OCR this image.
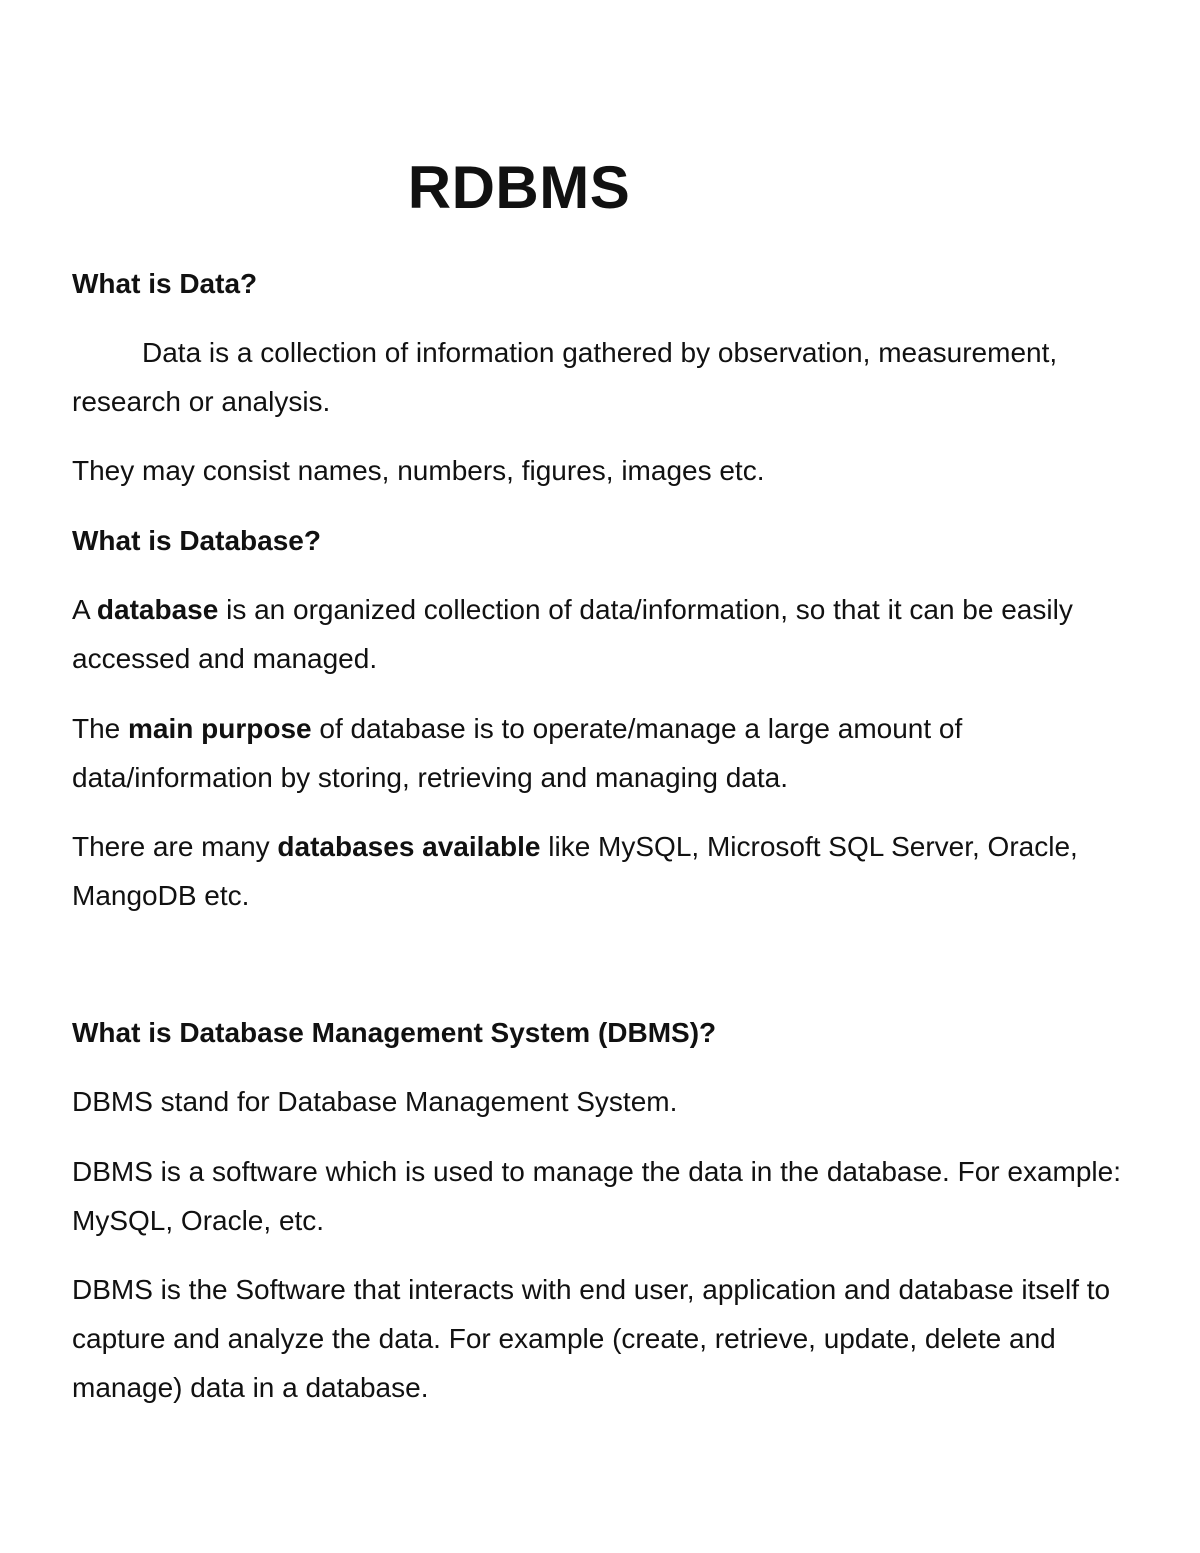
RDBMS

What is Data?

Data is a collection of information gathered by observation, measurement, research or analysis.

They may consist names, numbers, figures, images etc.

What is Database?

A database is an organized collection of data/information, so that it can be easily accessed and managed.

The main purpose of database is to operate/manage a large amount of data/information by storing, retrieving and managing data.

There are many databases available like MySQL, Microsoft SQL Server, Oracle, MangoDB etc.

What is Database Management System (DBMS)?

DBMS stand for Database Management System.

DBMS is a software which is used to manage the data in the database. For example: MySQL, Oracle, etc.

DBMS is the Software that interacts with end user, application and database itself to capture and analyze the data. For example (create, retrieve, update, delete and manage) data in a database.
